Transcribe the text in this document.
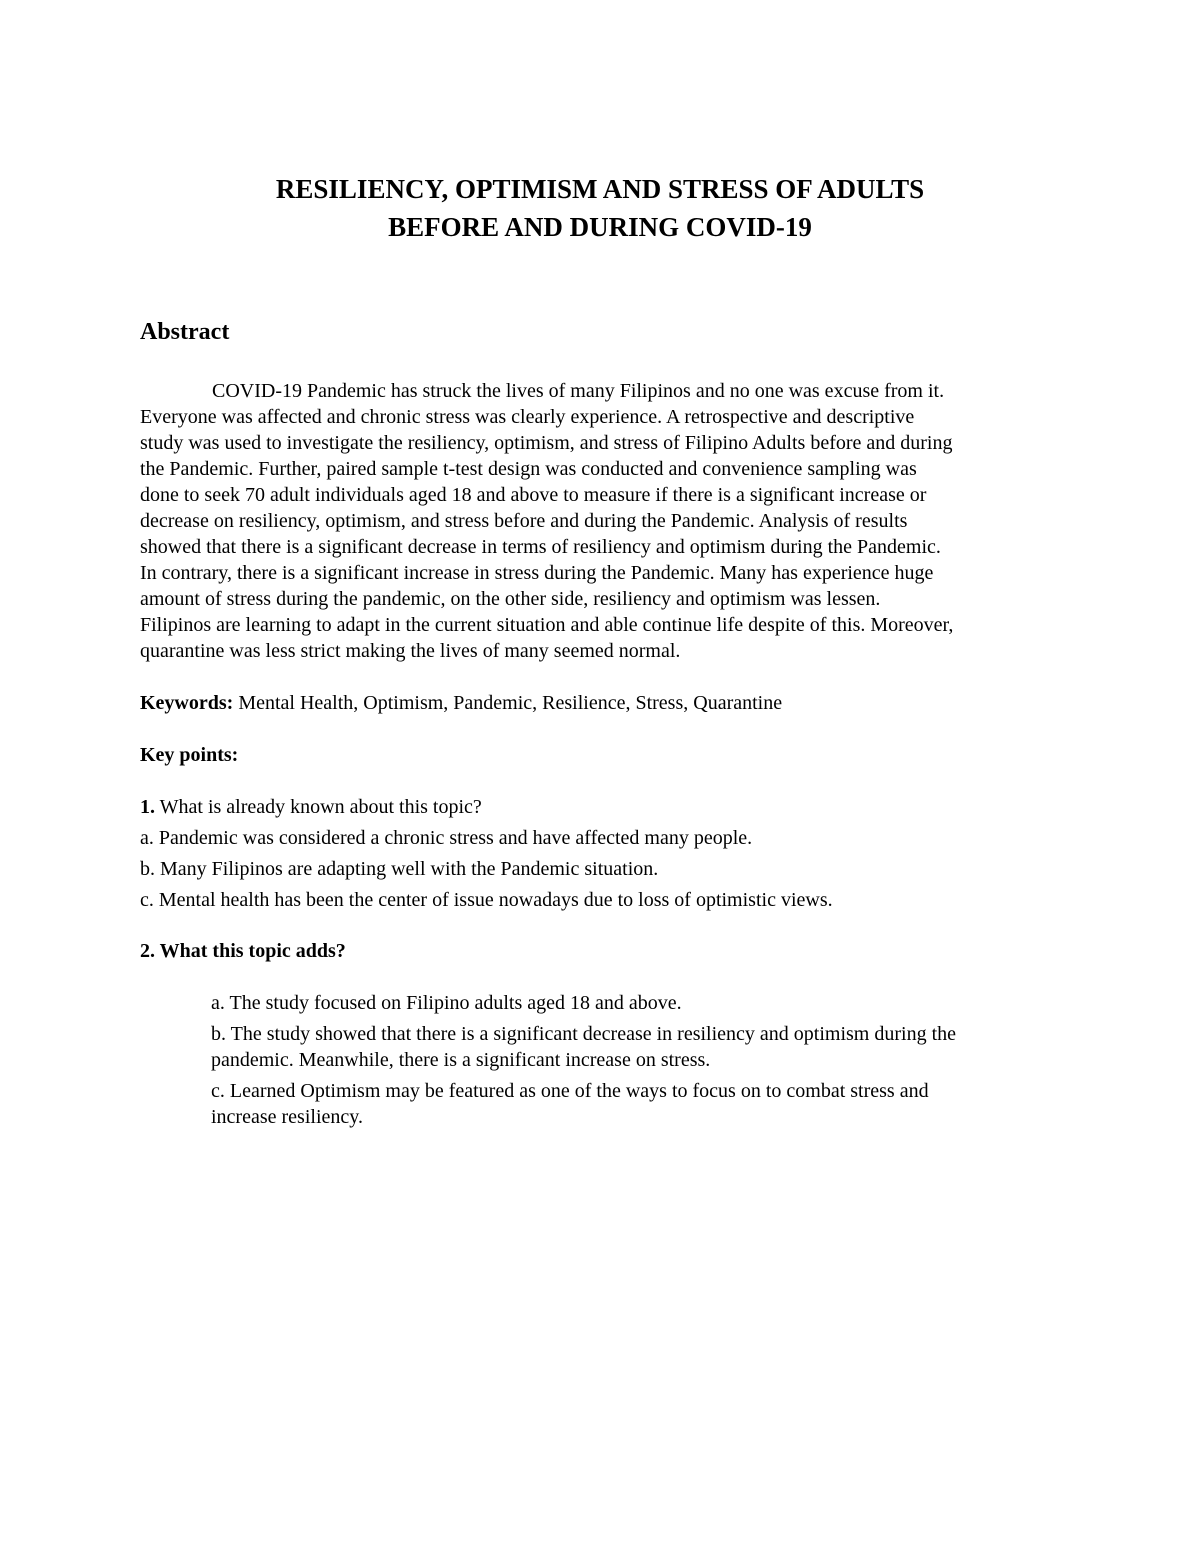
RESILIENCY, OPTIMISM AND STRESS OF ADULTS
BEFORE AND DURING COVID-19
Abstract
COVID-19 Pandemic has struck the lives of many Filipinos and no one was excuse from it.
Everyone was affected and chronic stress was clearly experience. A retrospective and descriptive
study was used to investigate the resiliency, optimism, and stress of Filipino Adults before and during
the Pandemic. Further, paired sample t-test design was conducted and convenience sampling was
done to seek 70 adult individuals aged 18 and above to measure if there is a significant increase or
decrease on resiliency, optimism, and stress before and during the Pandemic. Analysis of results
showed that there is a significant decrease in terms of resiliency and optimism during the Pandemic.
In contrary, there is a significant increase in stress during the Pandemic. Many has experience huge
amount of stress during the pandemic, on the other side, resiliency and optimism was lessen.
Filipinos are learning to adapt in the current situation and able continue life despite of this. Moreover,
quarantine was less strict making the lives of many seemed normal.
Keywords: Mental Health, Optimism, Pandemic, Resilience, Stress, Quarantine
Key points:
1. What is already known about this topic?
a. Pandemic was considered a chronic stress and have affected many people.
b. Many Filipinos are adapting well with the Pandemic situation.
c. Mental health has been the center of issue nowadays due to loss of optimistic views.
2. What this topic adds?
a. The study focused on Filipino adults aged 18 and above.
b. The study showed that there is a significant decrease in resiliency and optimism during the
pandemic. Meanwhile, there is a significant increase on stress.
c. Learned Optimism may be featured as one of the ways to focus on to combat stress and
increase resiliency.
